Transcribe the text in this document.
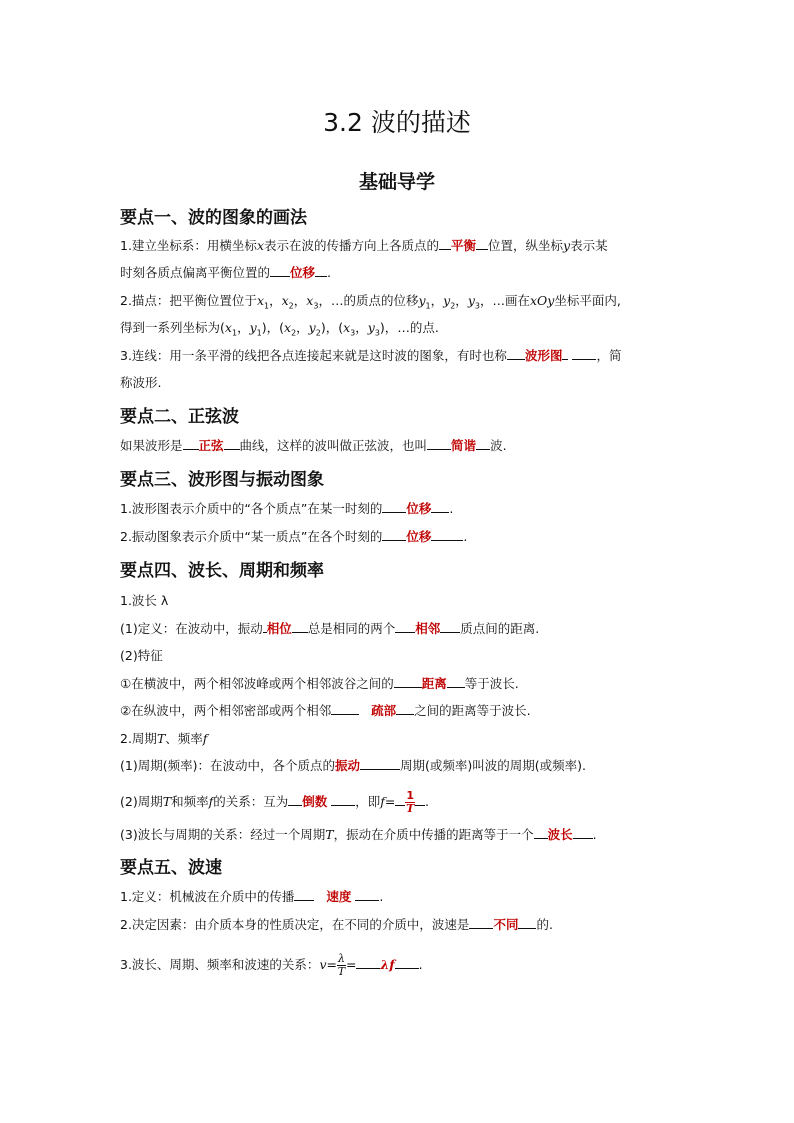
3.2 波的描述
基础导学
要点一、波的图象的画法

1.建立坐标系：用横坐标x表示在波的传播方向上各质点的 平衡 位置，纵坐标y表示某

时刻各质点偏离平衡位置的 位移 .

2.描点：把平衡位置位于$x_1$，$x_2$，$x_3$，…的质点的位移$y_1$，$y_2$，$y_3$，…画在xOy坐标平面内,

得到一系列坐标为($x_1$，$y_1$)，($x_2$，$y_2$)，($x_3$，$y_3$)，…的点.

3.连线：用一条平滑的线把各点连接起来就是这时波的图象，有时也称 波形图	，简

称波形.

要点二、正弦波

如果波形是 正弦 曲线，这样的波叫做正弦波，也叫 简谐 波.

要点三、波形图与振动图象

1.波形图表示介质中的“各个质点”在某一时刻的 位移 .

2.振动图象表示介质中“某一质点”在各个时刻的 位移	.

要点四、波长、周期和频率

1.波长 λ

(1)定义：在波动中，振动 相位 总是相同的两个 相邻 质点间的距离.

(2)特征

①在横波中，两个相邻波峰或两个相邻波谷之间的 距离 等于波长.

②在纵波中，两个相邻密部或两个相邻	疏部 之间的距离等于波长.

2.周期T、频率f

(1)周期(频率)：在波动中，各个质点的振动	周期(或频率)叫波的周期(或频率).

(2)周期T和频率f的关系：互为 倒数 ，即$f= \frac{1}{T}$ .

(3)波长与周期的关系：经过一个周期T，振动在介质中传播的距离等于一个 波长 .

要点五、波速

1.定义：机械波在介质中的传播	速度 .

2.决定因素：由介质本身的性质决定，在不同的介质中，波速是 不同 的.

3.波长、周期、频率和波速的关系：$v= \frac{\lambda}{T} = \lambda f$ .
